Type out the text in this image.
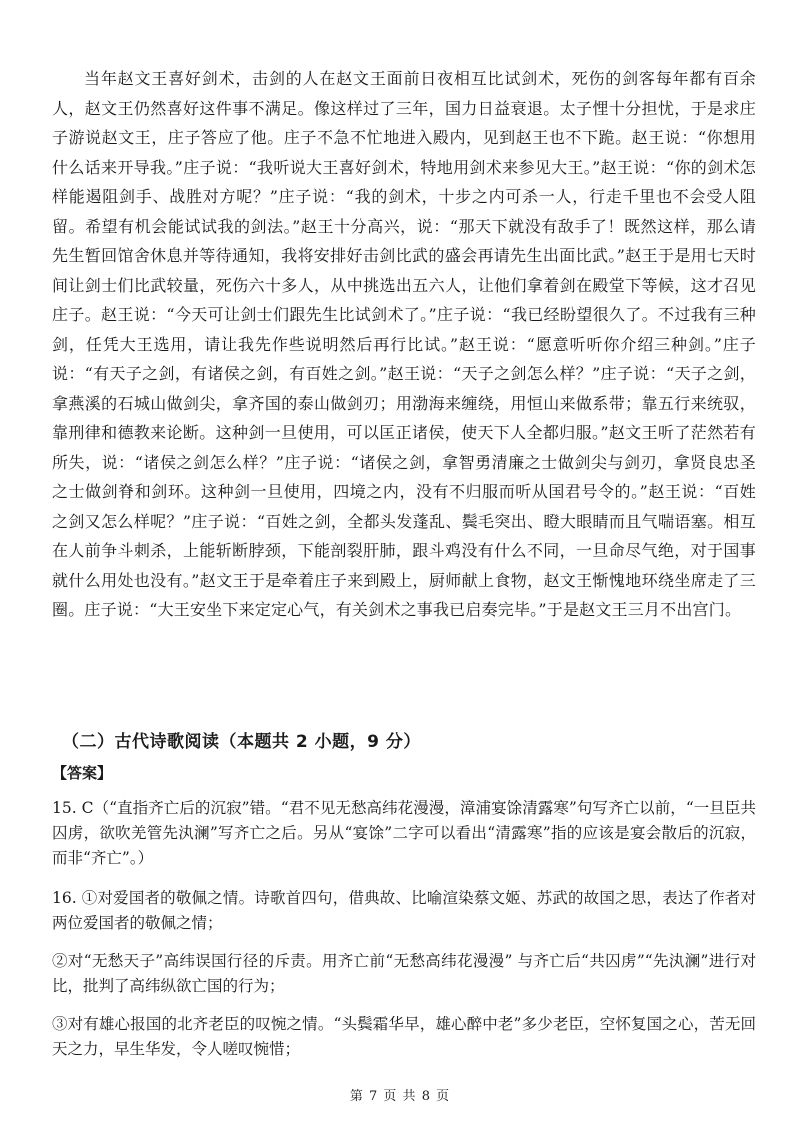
当年赵文王喜好剑术，击剑的人在赵文王面前日夜相互比试剑术，死伤的剑客每年都有百余人，赵文王仍然喜好这件事不满足。像这样过了三年，国力日益衰退。太子悝十分担忧，于是求庄子游说赵文王，庄子答应了他。庄子不急不忙地进入殿内，见到赵王也不下跪。赵王说：“你想用什么话来开导我。”庄子说：“我听说大王喜好剑术，特地用剑术来参见大王。”赵王说：“你的剑术怎样能遏阻剑手、战胜对方呢？”庄子说：“我的剑术，十步之内可杀一人，行走千里也不会受人阻留。希望有机会能试试我的剑法。”赵王十分高兴，说：“那天下就没有敌手了！既然这样，那么请先生暂回馆舍休息并等待通知，我将安排好击剑比武的盛会再请先生出面比武。”赵王于是用七天时间让剑士们比武较量，死伤六十多人，从中挑选出五六人，让他们拿着剑在殿堂下等候，这才召见庄子。赵王说：“今天可让剑士们跟先生比试剑术了。”庄子说：“我已经盼望很久了。不过我有三种剑，任凭大王选用，请让我先作些说明然后再行比试。”赵王说：“愿意听听你介绍三种剑。”庄子说：“有天子之剑，有诸侯之剑，有百姓之剑。”赵王说：“天子之剑怎么样？”庄子说：“天子之剑，拿燕溪的石城山做剑尖，拿齐国的泰山做剑刃；用渤海来缠绕，用恒山来做系带；靠五行来统驭，靠刑律和德教来论断。这种剑一旦使用，可以匡正诸侯，使天下人全都归服。”赵文王听了茫然若有所失，说：“诸侯之剑怎么样？”庄子说：“诸侯之剑，拿智勇清廉之士做剑尖与剑刃，拿贤良忠圣之士做剑脊和剑环。这种剑一旦使用，四境之内，没有不归服而听从国君号令的。”赵王说：“百姓之剑又怎么样呢？”庄子说：“百姓之剑，全都头发蓬乱、鬓毛突出、瞪大眼睛而且气喘语塞。相互在人前争斗刺杀，上能斩断脖颈，下能剖裂肝肺，跟斗鸡没有什么不同，一旦命尽气绝，对于国事就什么用处也没有。”赵文王于是牵着庄子来到殿上，厨师献上食物，赵文王惭愧地环绕坐席走了三圈。庄子说：“大王安坐下来定定心气，有关剑术之事我已启奏完毕。”于是赵文王三月不出宫门。

（二）古代诗歌阅读（本题共 2 小题，9 分）
【答案】

15. C（“直指齐亡后的沉寂”错。“君不见无愁高纬花漫漫，漳浦宴馀清露寒”句写齐亡以前，“一旦臣共囚虏，欲吹羌管先汍澜”写齐亡之后。另从“宴馀”二字可以看出“清露寒”指的应该是宴会散后的沉寂，而非“齐亡”。）

16. ①对爱国者的敬佩之情。诗歌首四句，借典故、比喻渲染蔡文姬、苏武的故国之思，表达了作者对两位爱国者的敬佩之情；

②对“无愁天子”高纬误国行径的斥责。用齐亡前“无愁高纬花漫漫” 与齐亡后“共囚虏”“先汍澜”进行对比，批判了高纬纵欲亡国的行为；

③对有雄心报国的北齐老臣的叹惋之情。“头鬓霜华早，雄心醉中老”多少老臣，空怀复国之心，苦无回天之力，早生华发，令人嗟叹惋惜；

第 7 页 共 8 页
